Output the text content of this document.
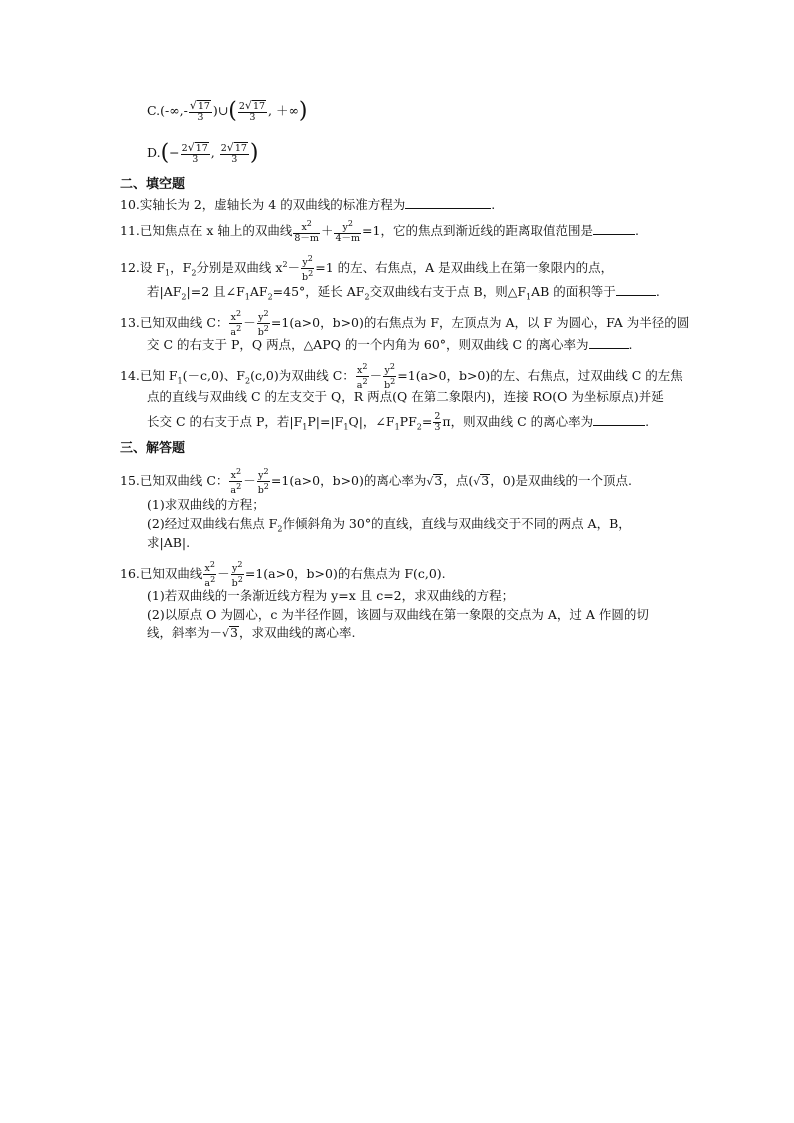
$C.(-\infty,- \frac{√17}{3}$ )∪( $\frac{2√17}{3}$ , ＋∞)
$D.(- \frac{2√17}{3}$ , $\frac{2√17}{3}$ )
二、填空题
10.实轴长为 2，虚轴长为 4 的双曲线的标准方程为	.
11.已知焦点在 x 轴上的双曲线 $\frac{x^2}{8-m} + \frac{y^2}{4-m} =1$，它的焦点到渐近线的距离取值范围是	.
12.设 $F_1$，$F_2$分别是双曲线 $x^2- \frac{y^2}{b^2} =1$ 的左、右焦点，A 是双曲线上在第一象限内的点，
若$|AF_2|=2$ 且$\angle F_1AF_2=45^\circ$，延长 $AF_2$交双曲线右支于点 B，则$\triangle F_1AB$ 的面积等于	.
13.已知双曲线 C： $\frac{x^2}{a^2} - \frac{y^2}{b^2} =1(a>0$，b>0)的右焦点为 F，左顶点为 A，以 F 为圆心，FA 为半径的圆
交 C 的右支于 P，Q 两点，△APQ 的一个内角为 60°，则双曲线 C 的离心率为	.
14.已知 $F_1(-c,0)$、$F_2(c,0)$为双曲线 C： $\frac{x^2}{a^2} - \frac{y^2}{b^2} =1(a>0$，b>0)的左、右焦点，过双曲线 C 的左焦
点的直线与双曲线 C 的左支交于 Q，R 两点(Q 在第二象限内)，连接 RO(O 为坐标原点)并延
长交 C 的右支于点 P，若$|F_1P|=|F_1Q|$，$\angle F_1PF_2= \frac{2}{3}$ π，则双曲线 C 的离心率为	.
三、解答题
15.已知双曲线 C： $\frac{x^2}{a^2} - \frac{y^2}{b^2} =1(a>0$，b>0)的离心率为√3，点(√3，0)是双曲线的一个顶点.
(1)求双曲线的方程；
(2)经过双曲线右焦点 $F_2$作倾斜角为 30°的直线，直线与双曲线交于不同的两点 A，B，
求|AB|.
16.已知双曲线 $\frac{x^2}{a^2} - \frac{y^2}{b^2} =1(a>0$，b>0)的右焦点为 F(c,0).
(1)若双曲线的一条渐近线方程为 y=x 且 c=2，求双曲线的方程；
(2)以原点 O 为圆心，c 为半径作圆，该圆与双曲线在第一象限的交点为 A，过 A 作圆的切
线，斜率为－√3，求双曲线的离心率.
